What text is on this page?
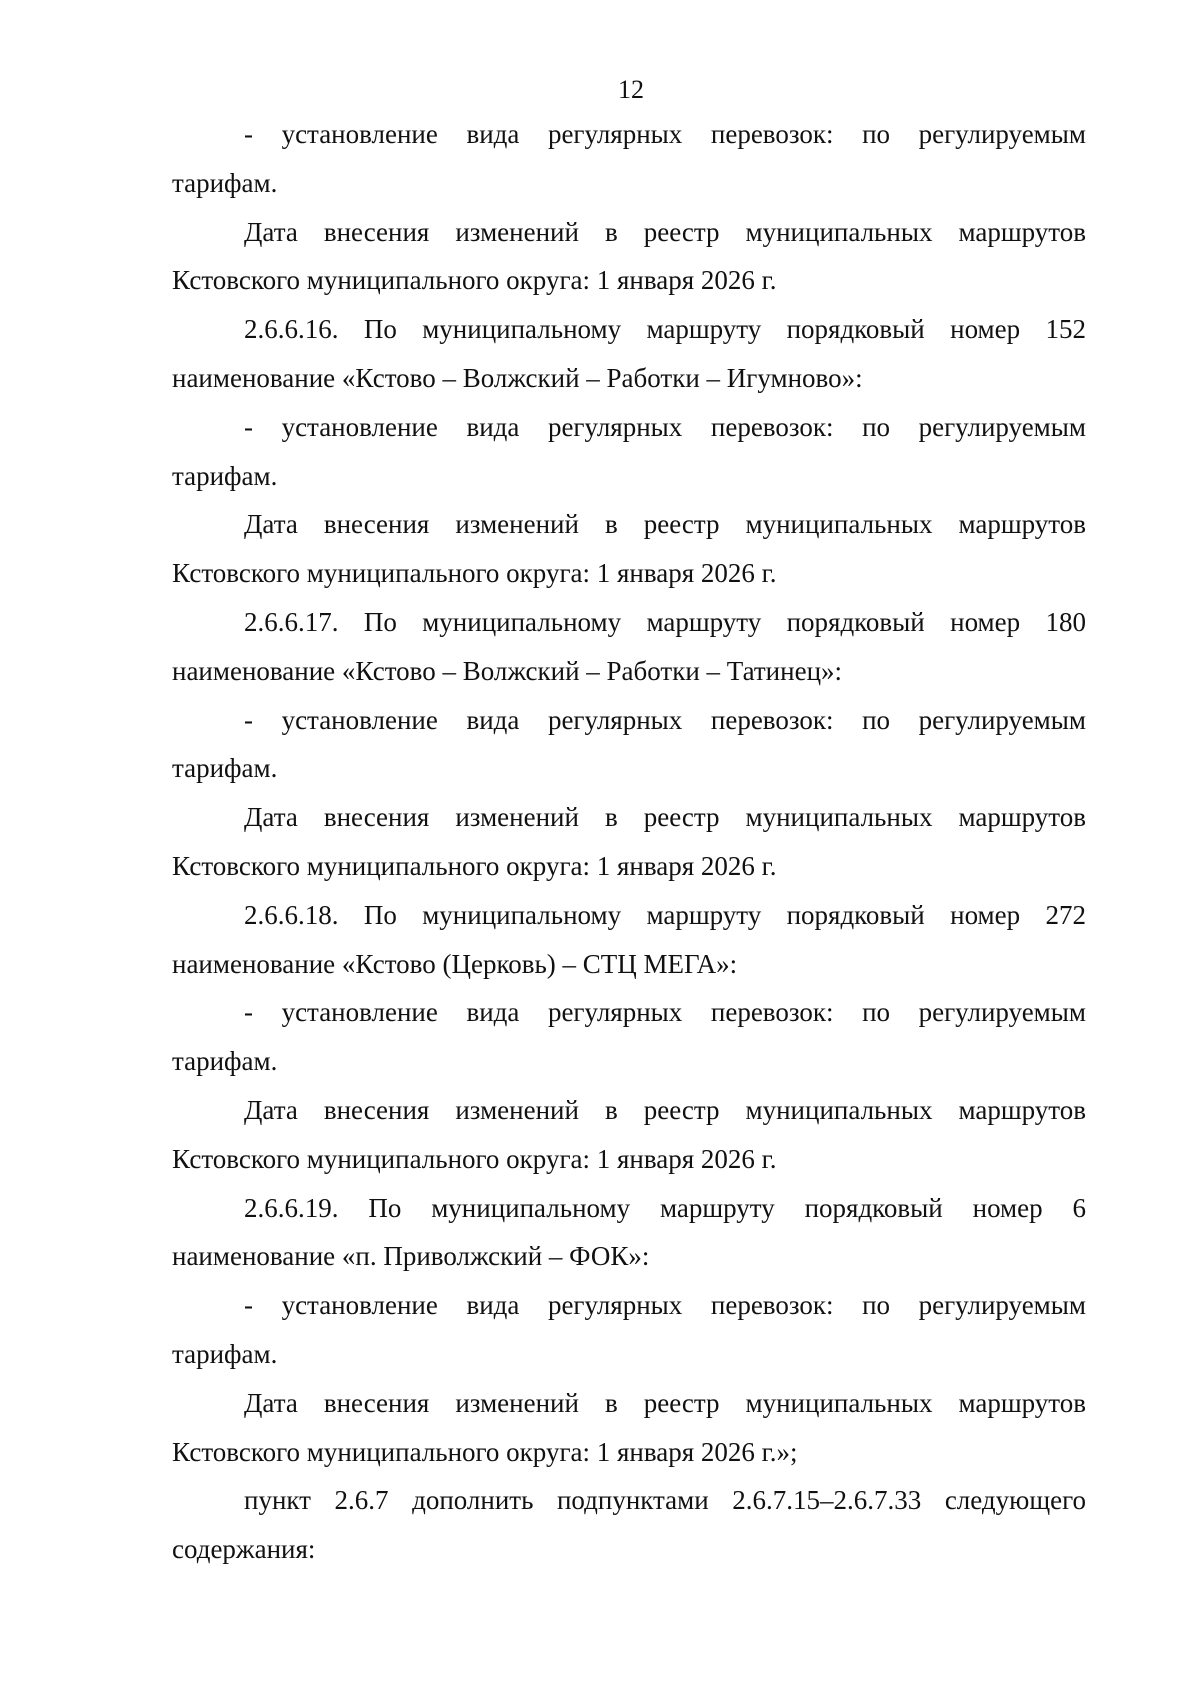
12
- установление вида регулярных перевозок: по регулируемым
тарифам.
Дата внесения изменений в реестр муниципальных маршрутов
Кстовского муниципального округа: 1 января 2026 г.
2.6.6.16. По муниципальному маршруту порядковый номер 152
наименование «Кстово – Волжский – Работки – Игумново»:
- установление вида регулярных перевозок: по регулируемым
тарифам.
Дата внесения изменений в реестр муниципальных маршрутов
Кстовского муниципального округа: 1 января 2026 г.
2.6.6.17. По муниципальному маршруту порядковый номер 180
наименование «Кстово – Волжский – Работки – Татинец»:
- установление вида регулярных перевозок: по регулируемым
тарифам.
Дата внесения изменений в реестр муниципальных маршрутов
Кстовского муниципального округа: 1 января 2026 г.
2.6.6.18. По муниципальному маршруту порядковый номер 272
наименование «Кстово (Церковь) – СТЦ МЕГА»:
- установление вида регулярных перевозок: по регулируемым
тарифам.
Дата внесения изменений в реестр муниципальных маршрутов
Кстовского муниципального округа: 1 января 2026 г.
2.6.6.19. По муниципальному маршруту порядковый номер 6
наименование «п. Приволжский – ФОК»:
- установление вида регулярных перевозок: по регулируемым
тарифам.
Дата внесения изменений в реестр муниципальных маршрутов
Кстовского муниципального округа: 1 января 2026 г.»;
пункт 2.6.7 дополнить подпунктами 2.6.7.15–2.6.7.33 следующего
содержания:
